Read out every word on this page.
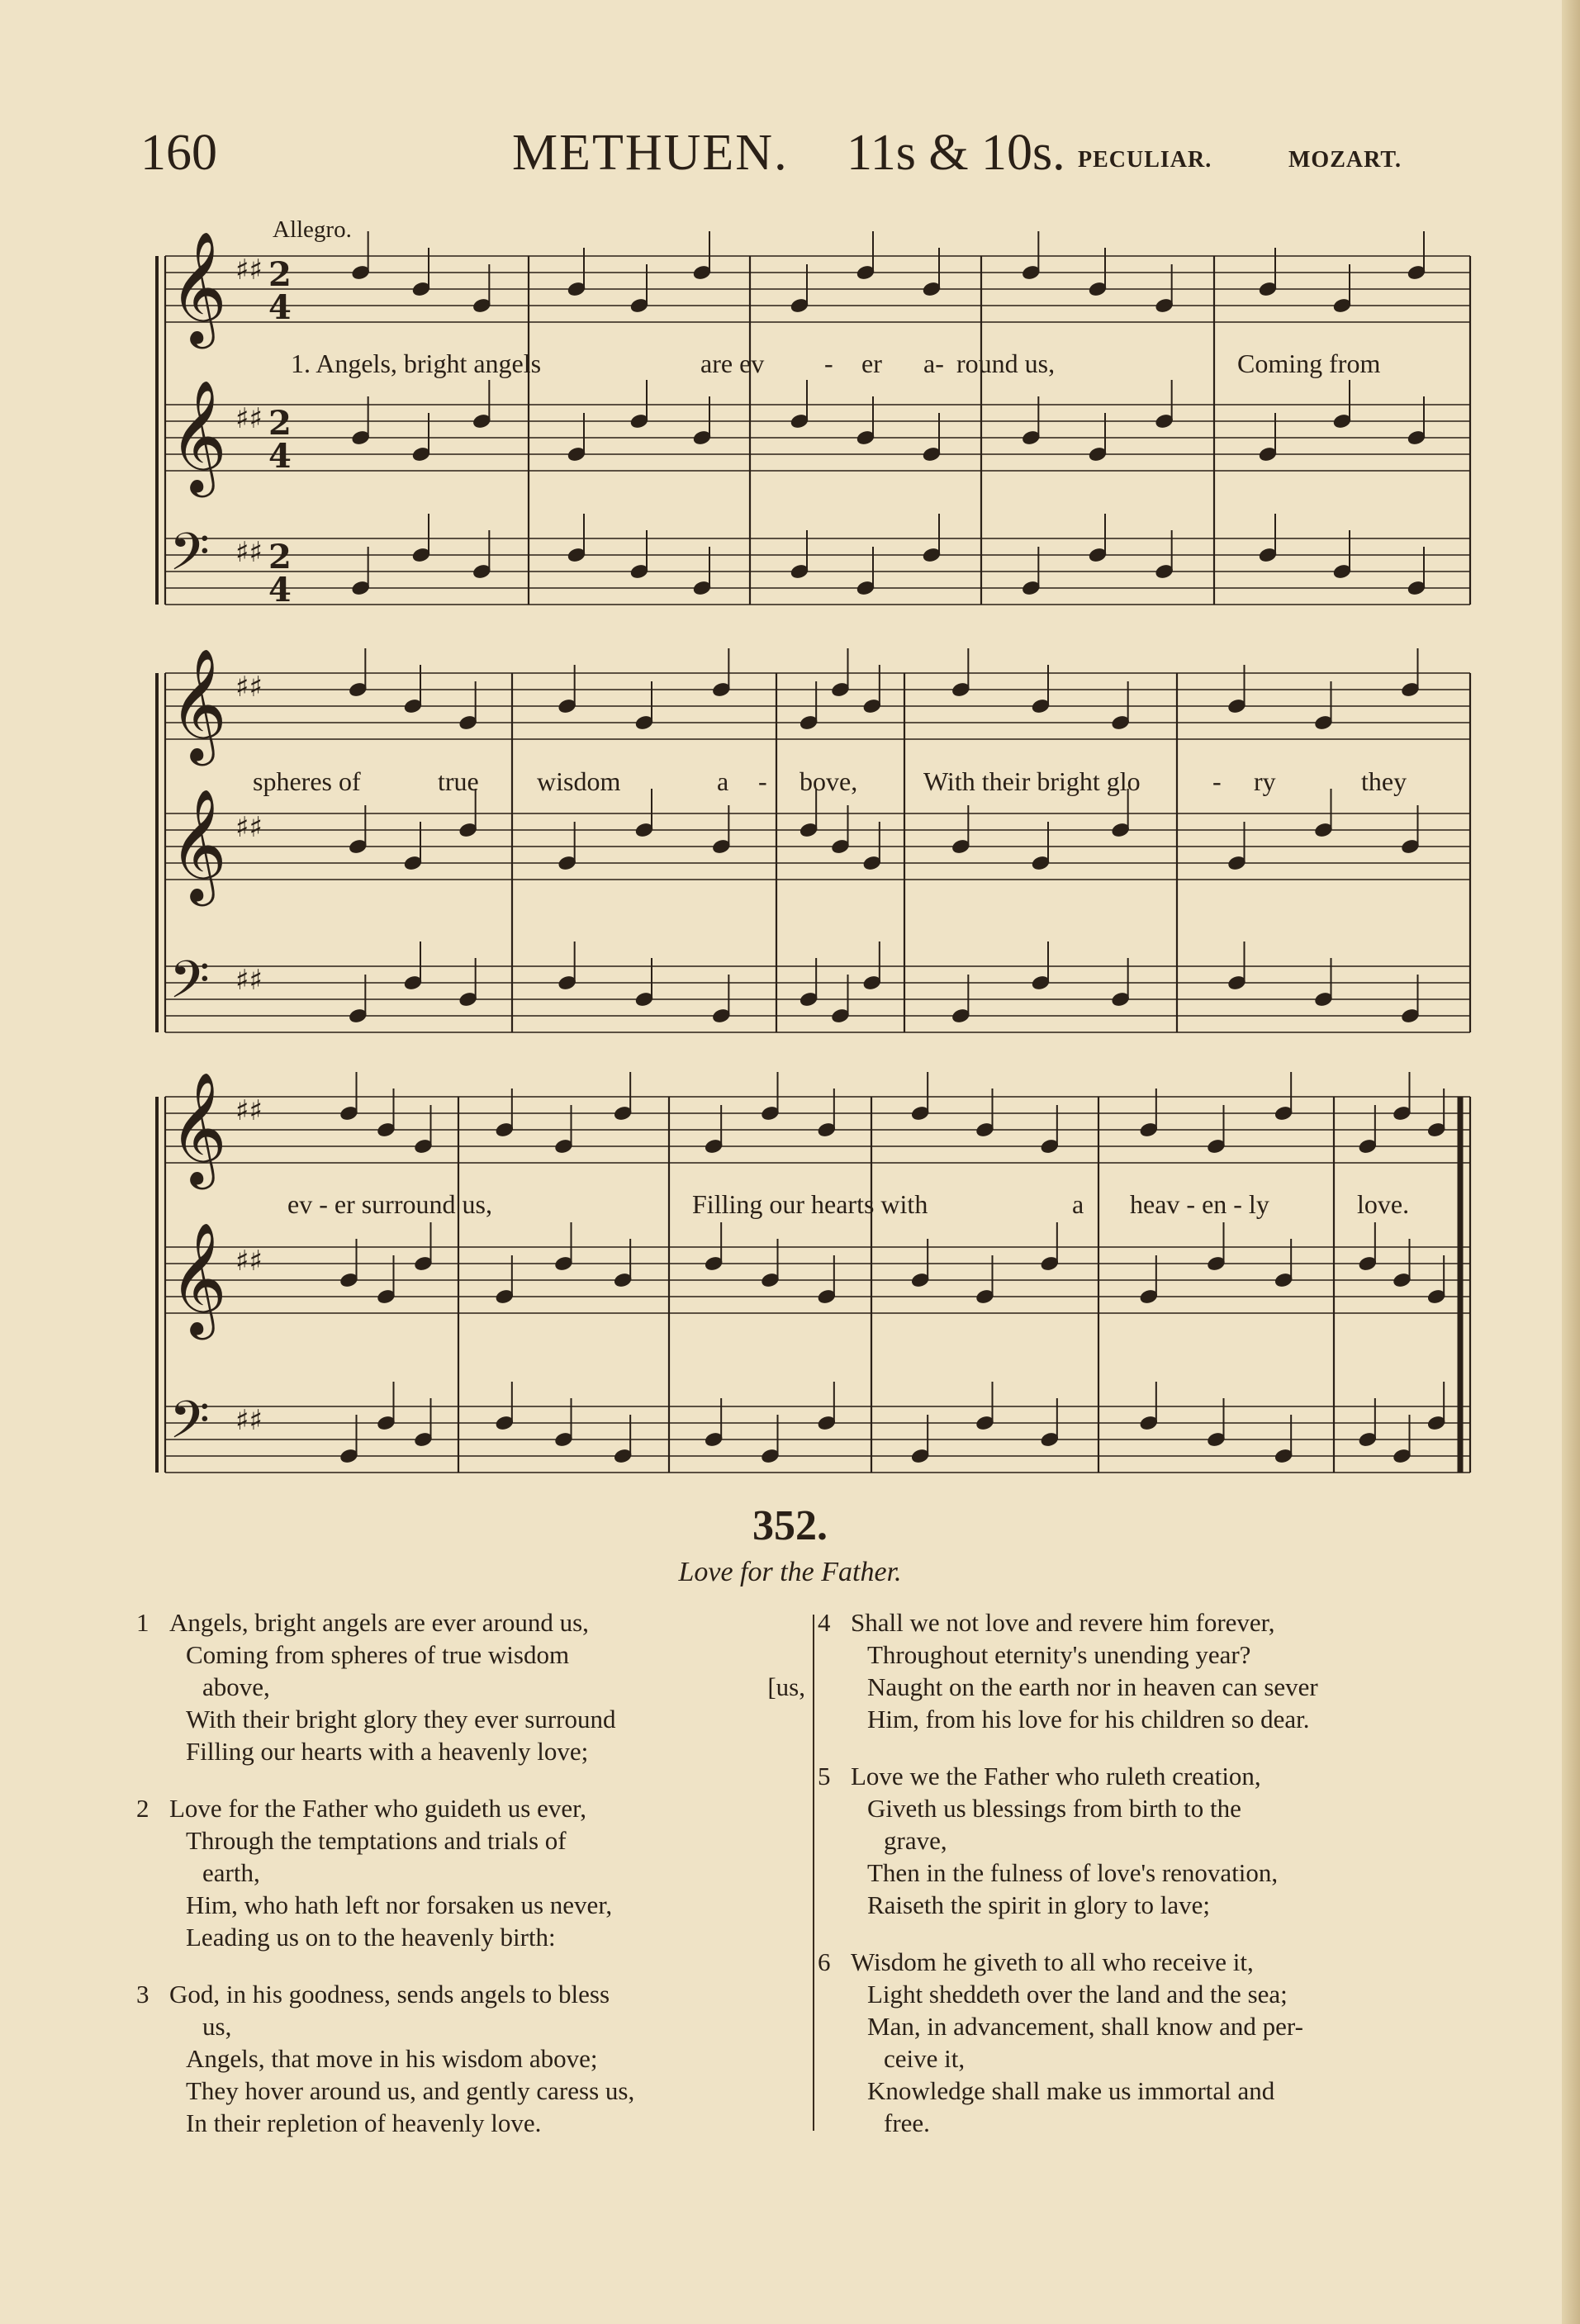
160	METHUEN. 11s & 10s. PECULIAR.	MOZART.
Allegro.
𝄞 ♯♯ 2
4
𝄞 ♯♯ 2
4
𝄢 ♯♯ 2
4
𝄞 ♯♯
𝄞 ♯♯
𝄢 ♯♯
𝄞 ♯♯
𝄞 ♯♯
𝄢 ♯♯
1. Angels, bright angels	are ev - er a- round us,	Coming from
spheres of	true wisdom	a - bove, With their bright glo	- ry	they
ev - er surround us,	Filling our hearts with	a heav - en - ly	love.
352.
Love for the Father.
1 Angels, bright angels are ever around us,
Coming from spheres of true wisdom
above,	[us,
With their bright glory they ever surround
Filling our hearts with a heavenly love;
2 Love for the Father who guideth us ever,
Through the temptations and trials of
earth,
Him, who hath left nor forsaken us never,
Leading us on to the heavenly birth:
3 God, in his goodness, sends angels to bless
us,
Angels, that move in his wisdom above;
They hover around us, and gently caress us,
In their repletion of heavenly love.
4 Shall we not love and revere him forever,
Throughout eternity's unending year?
Naught on the earth nor in heaven can sever
Him, from his love for his children so dear.
5 Love we the Father who ruleth creation,
Giveth us blessings from birth to the
grave,
Then in the fulness of love's renovation,
Raiseth the spirit in glory to lave;
6 Wisdom he giveth to all who receive it,
Light sheddeth over the land and the sea;
Man, in advancement, shall know and per-
ceive it,
Knowledge shall make us immortal and
free.
